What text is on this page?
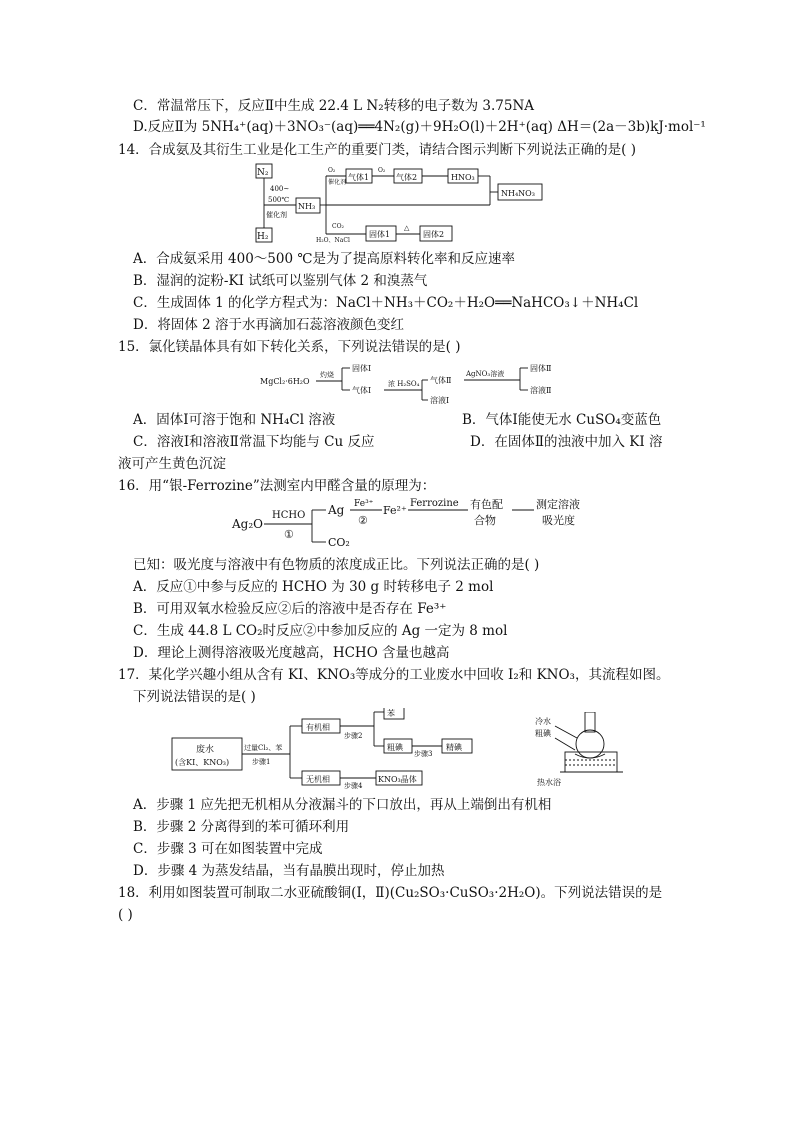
C．常温常压下，反应Ⅱ中生成 22.4 L N₂转移的电子数为 3.75NA
D.反应Ⅱ为 5NH₄⁺(aq)＋3NO₃⁻(aq)══4N₂(g)＋9H₂O(l)＋2H⁺(aq) ΔH＝(2a－3b)kJ·mol⁻¹
14．合成氨及其衍生工业是化工生产的重要门类，请结合图示判断下列说法正确的是( )
N₂
H₂
400~
500℃
催化剂
NH₃
O₂
催化剂
气体1
O₂
气体2	HNO₃
NH₄NO₃
CO₂
H₂O、NaCl
固体1
△
固体2
A．合成氨采用 400～500 ℃是为了提高原料转化率和反应速率
B．湿润的淀粉-KI 试纸可以鉴别气体 2 和溴蒸气
C．生成固体 1 的化学方程式为：NaCl＋NH₃＋CO₂＋H₂O══NaHCO₃↓＋NH₄Cl
D．将固体 2 溶于水再滴加石蕊溶液颜色变红
15．氯化镁晶体具有如下转化关系，下列说法错误的是( )
MgCl₂·6H₂O
灼烧
固体Ⅰ
气体Ⅰ
浓 H₂SO₄ 气体Ⅱ
溶液Ⅰ
AgNO₃溶液
固体Ⅱ
溶液Ⅱ
A．固体Ⅰ可溶于饱和 NH₄Cl 溶液	B．气体Ⅰ能使无水 CuSO₄变蓝色
C．溶液Ⅰ和溶液Ⅱ常温下均能与 Cu 反应	D．在固体Ⅱ的浊液中加入 KI 溶
液可产生黄色沉淀
16．用“银-Ferrozine”法测室内甲醛含量的原理为：
Ag₂O
HCHO
①
Ag
CO₂
Fe³⁺
②
Fe²⁺
Ferrozine 有色配
合物
测定溶液
吸光度
已知：吸光度与溶液中有色物质的浓度成正比。下列说法正确的是( )
A．反应①中参与反应的 HCHO 为 30 g 时转移电子 2 mol
B．可用双氧水检验反应②后的溶液中是否存在 Fe³⁺
C．生成 44.8 L CO₂时反应②中参加反应的 Ag 一定为 8 mol
D．理论上测得溶液吸光度越高，HCHO 含量也越高
17．某化学兴趣小组从含有 KI、KNO₃等成分的工业废水中回收 I₂和 KNO₃，其流程如图。
下列说法错误的是( )
废水
(含KI、KNO₃)
过量Cl₂、苯
步骤1
有机相
步骤2
苯
粗碘
步骤3
精碘
无机相
步骤4
KNO₃晶体
冷水
粗碘
热水浴
A．步骤 1 应先把无机相从分液漏斗的下口放出，再从上端倒出有机相
B．步骤 2 分离得到的苯可循环利用
C．步骤 3 可在如图装置中完成
D．步骤 4 为蒸发结晶，当有晶膜出现时，停止加热
18．利用如图装置可制取二水亚硫酸铜(Ⅰ，Ⅱ)(Cu₂SO₃·CuSO₃·2H₂O)。下列说法错误的是
( )
